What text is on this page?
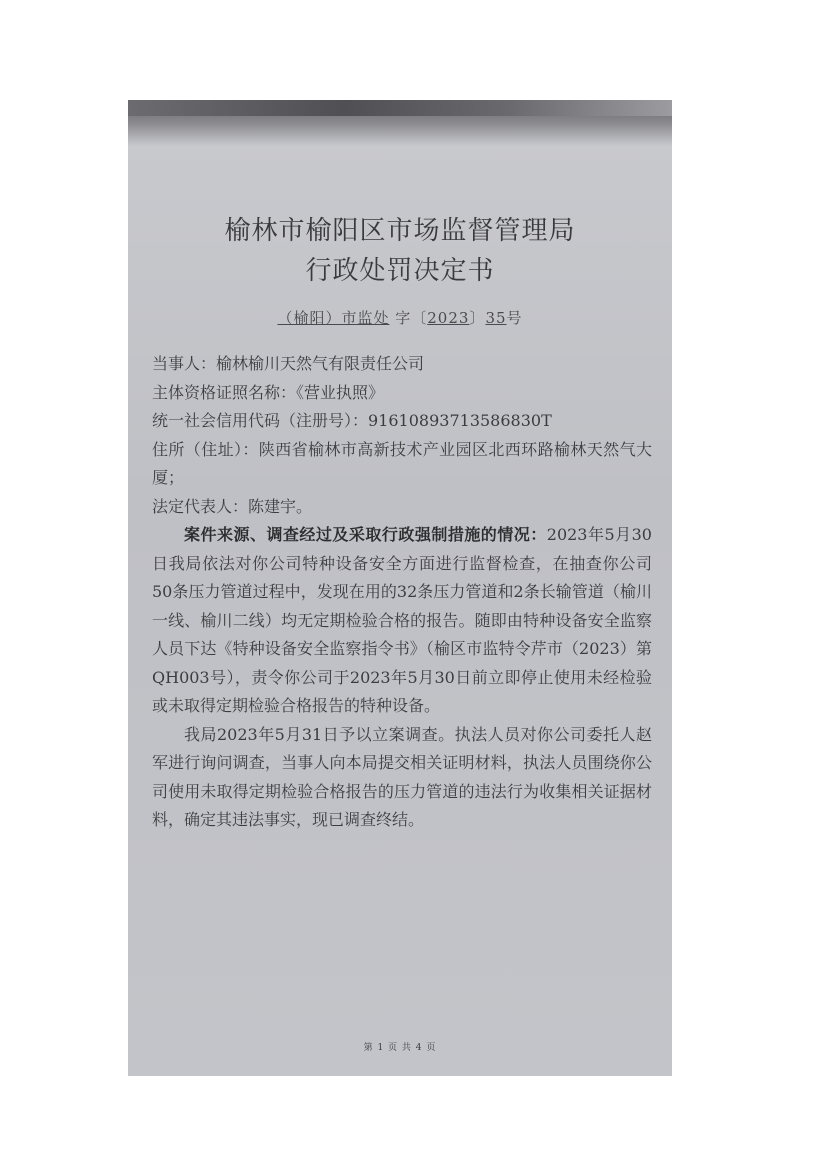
榆林市榆阳区市场监督管理局
行政处罚决定书
（榆阳）市监处 字〔2023〕35号

当事人：榆林榆川天然气有限责任公司

主体资格证照名称：《营业执照》

统一社会信用代码（注册号）：91610893713586830T

住所（住址）：陕西省榆林市高新技术产业园区北西环路榆林天然气大厦；

法定代表人：陈建宇。

案件来源、调查经过及采取行政强制措施的情况：2023年5月30日我局依法对你公司特种设备安全方面进行监督检查，在抽查你公司50条压力管道过程中，发现在用的32条压力管道和2条长输管道（榆川一线、榆川二线）均无定期检验合格的报告。随即由特种设备安全监察人员下达《特种设备安全监察指令书》（榆区市监特令芹市（2023）第QH003号），责令你公司于2023年5月30日前立即停止使用未经检验或未取得定期检验合格报告的特种设备。

我局2023年5月31日予以立案调查。执法人员对你公司委托人赵军进行询问调查，当事人向本局提交相关证明材料，执法人员围绕你公司使用未取得定期检验合格报告的压力管道的违法行为收集相关证据材料，确定其违法事实，现已调查终结。

第 1 页 共 4 页
